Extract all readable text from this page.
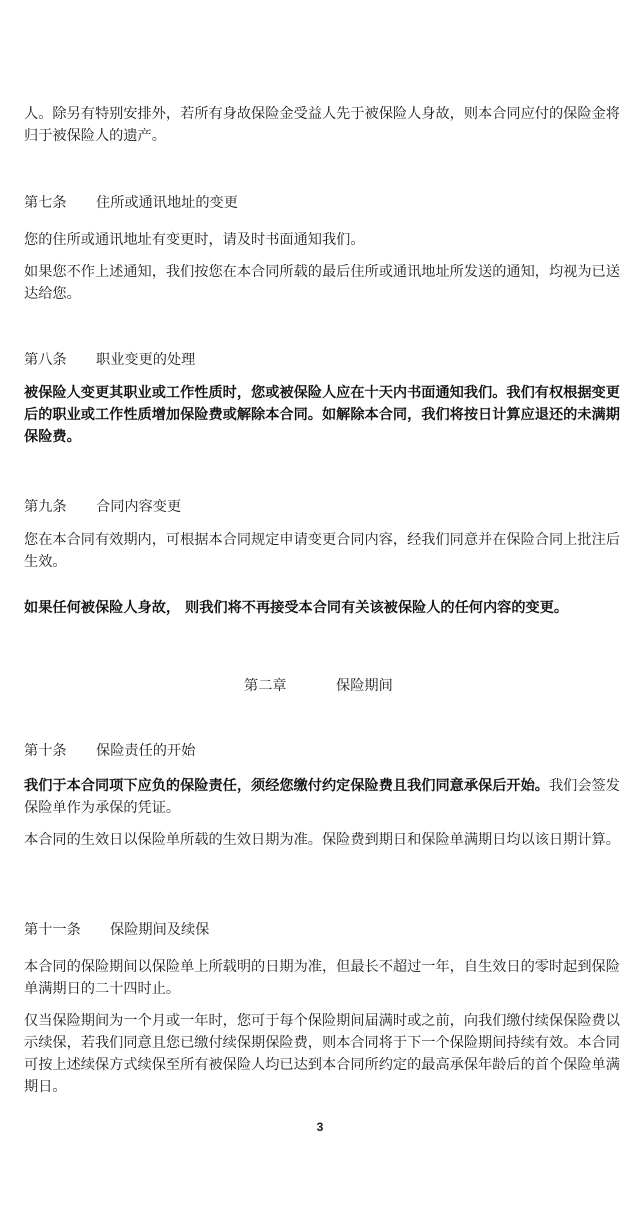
人。除另有特别安排外，若所有身故保险金受益人先于被保险人身故，则本合同应付的保险金将归于被保险人的遗产。

第七条 住所或通讯地址的变更

您的住所或通讯地址有变更时，请及时书面通知我们。

如果您不作上述通知，我们按您在本合同所载的最后住所或通讯地址所发送的通知，均视为已送达给您。

第八条 职业变更的处理

被保险人变更其职业或工作性质时，您或被保险人应在十天内书面通知我们。我们有权根据变更后的职业或工作性质增加保险费或解除本合同。如解除本合同，我们将按日计算应退还的未满期保险费。

第九条 合同内容变更

您在本合同有效期内，可根据本合同规定申请变更合同内容，经我们同意并在保险合同上批注后生效。

如果任何被保险人身故， 则我们将不再接受本合同有关该被保险人的任何内容的变更。

第二章	保险期间
第十条 保险责任的开始

我们于本合同项下应负的保险责任，须经您缴付约定保险费且我们同意承保后开始。我们会签发保险单作为承保的凭证。

本合同的生效日以保险单所载的生效日期为准。保险费到期日和保险单满期日均以该日期计算。

第十一条 保险期间及续保

本合同的保险期间以保险单上所载明的日期为准，但最长不超过一年，自生效日的零时起到保险单满期日的二十四时止。

仅当保险期间为一个月或一年时，您可于每个保险期间届满时或之前，向我们缴付续保保险费以示续保，若我们同意且您已缴付续保期保险费，则本合同将于下一个保险期间持续有效。本合同可按上述续保方式续保至所有被保险人均已达到本合同所约定的最高承保年龄后的首个保险单满期日。

3
